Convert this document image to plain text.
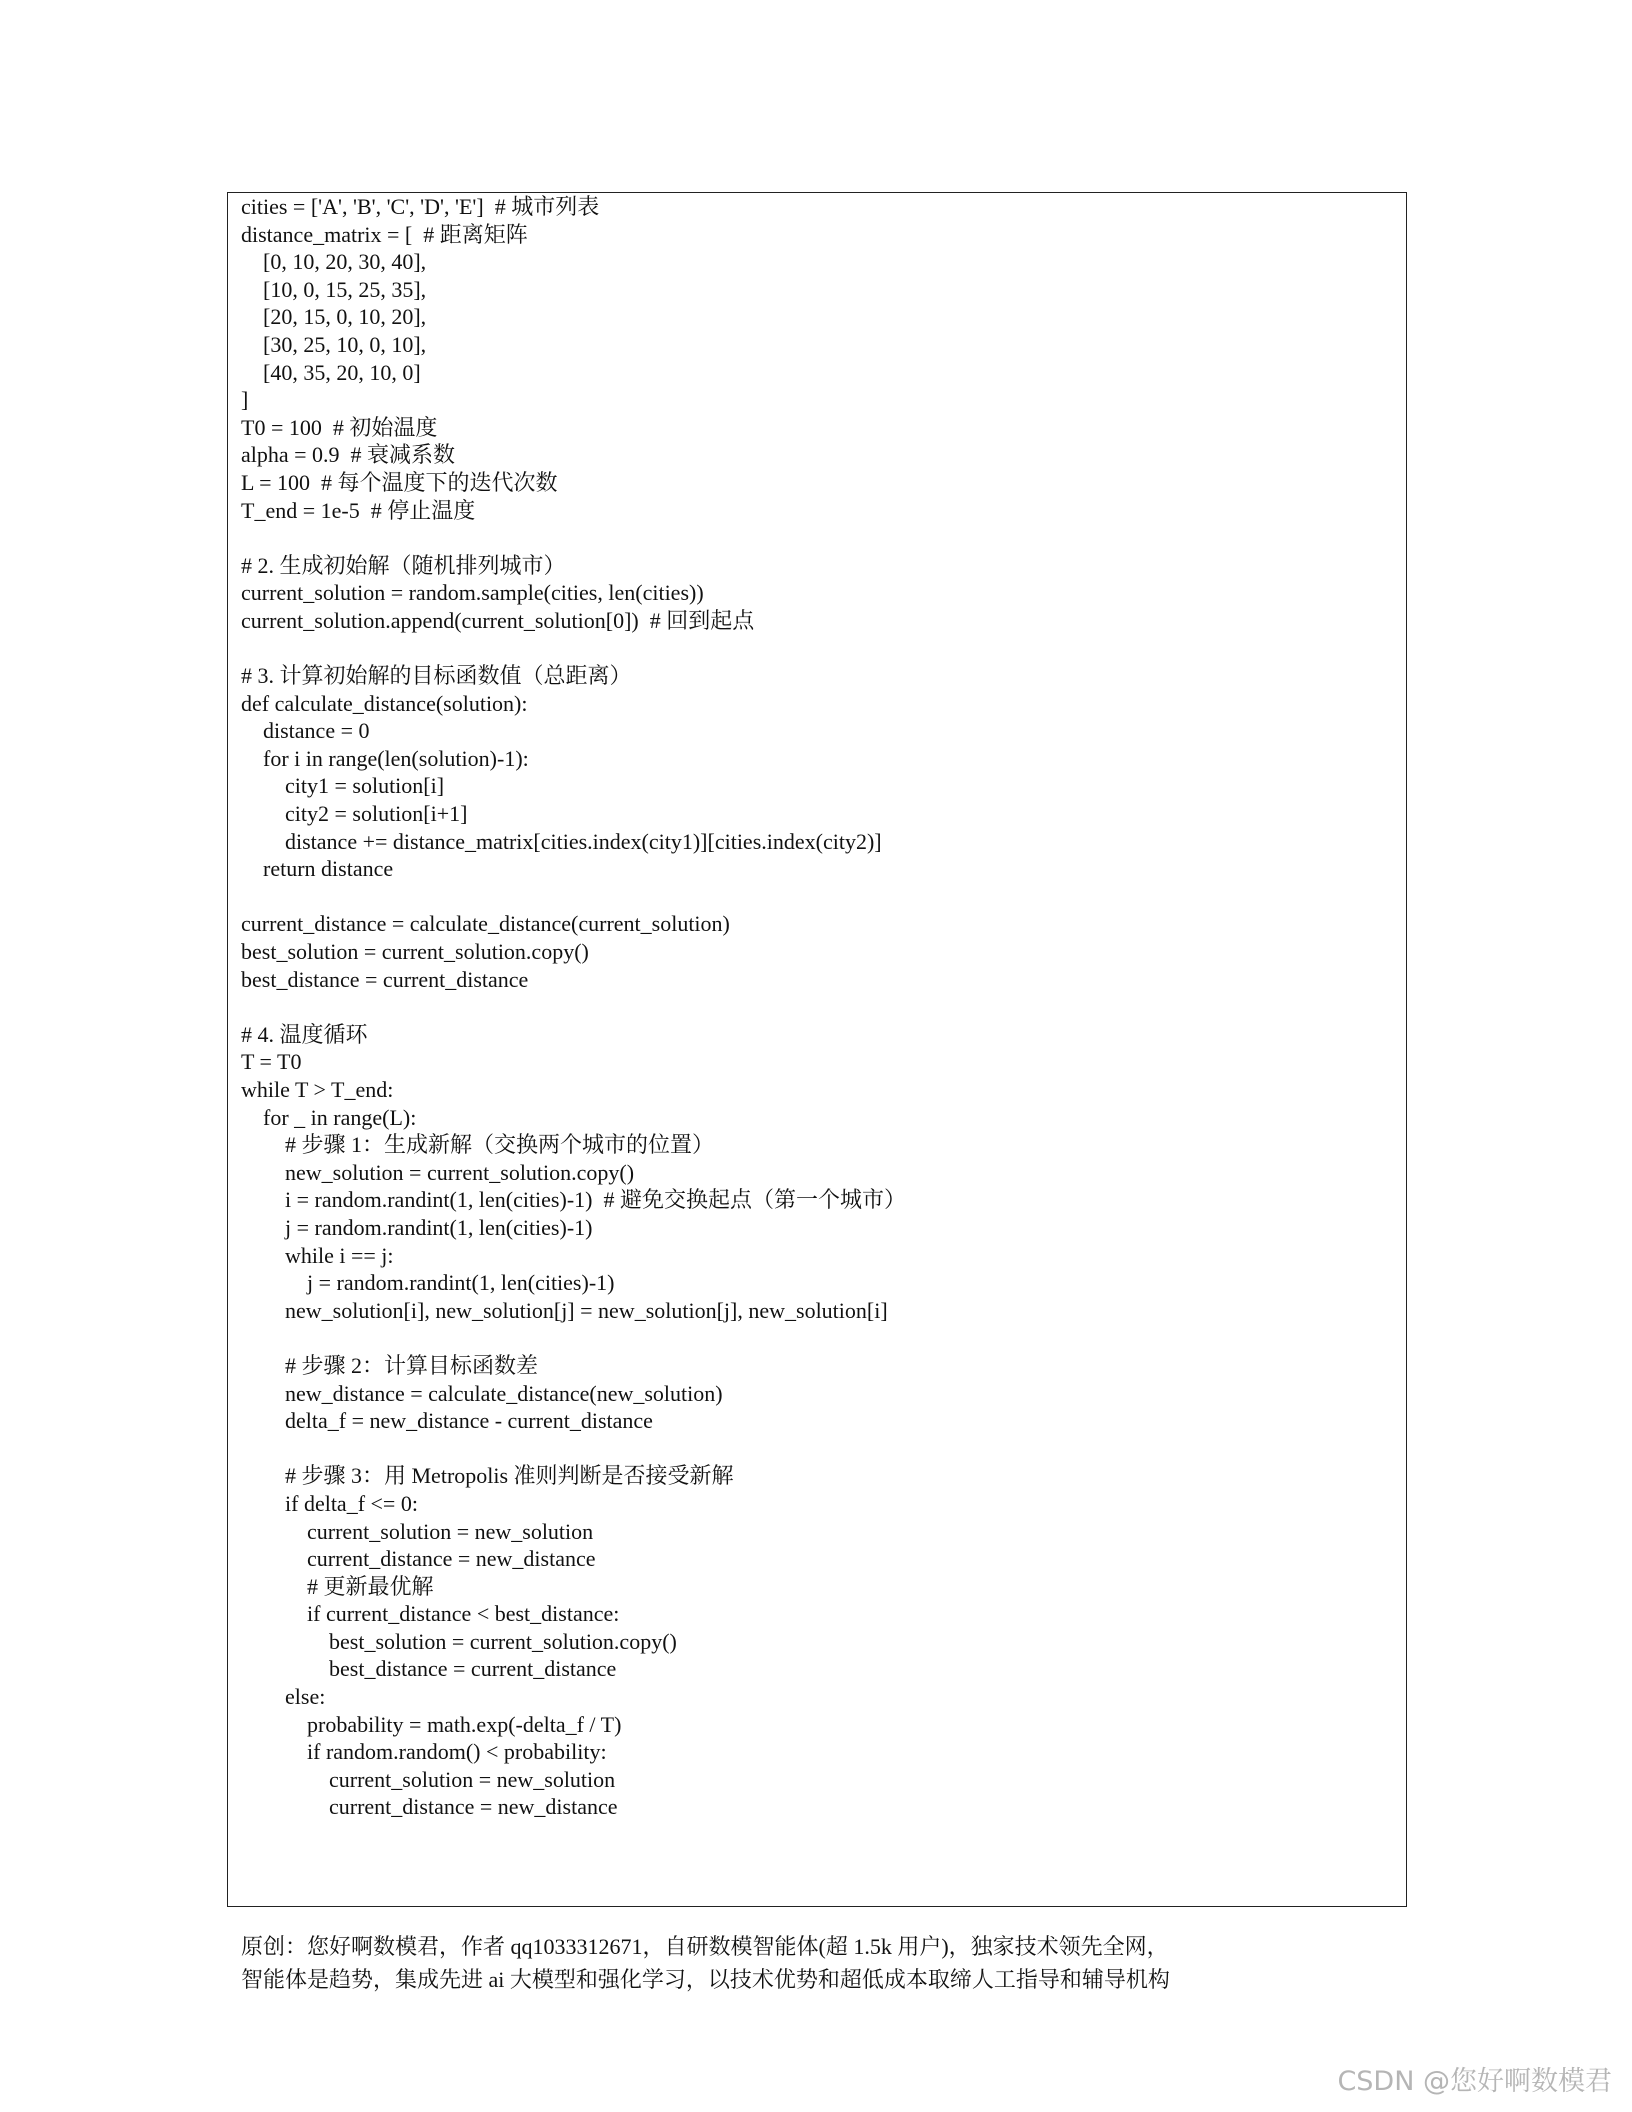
cities = ['A', 'B', 'C', 'D', 'E']  # 城市列表
distance_matrix = [  # 距离矩阵
[0, 10, 20, 30, 40],
[10, 0, 15, 25, 35],
[20, 15, 0, 10, 20],
[30, 25, 10, 0, 10],
[40, 35, 20, 10, 0]
]
T0 = 100  # 初始温度
alpha = 0.9  # 衰减系数
L = 100  # 每个温度下的迭代次数
T_end = 1e-5  # 停止温度
# 2. 生成初始解（随机排列城市）
current_solution = random.sample(cities, len(cities))
current_solution.append(current_solution[0])  # 回到起点
# 3. 计算初始解的目标函数值（总距离）
def calculate_distance(solution):
distance = 0
for i in range(len(solution)-1):
city1 = solution[i]
city2 = solution[i+1]
distance += distance_matrix[cities.index(city1)][cities.index(city2)]
return distance
current_distance = calculate_distance(current_solution)
best_solution = current_solution.copy()
best_distance = current_distance
# 4. 温度循环
T = T0
while T > T_end:
for _ in range(L):
# 步骤 1：生成新解（交换两个城市的位置）
new_solution = current_solution.copy()
i = random.randint(1, len(cities)-1)  # 避免交换起点（第一个城市）
j = random.randint(1, len(cities)-1)
while i == j:
j = random.randint(1, len(cities)-1)
new_solution[i], new_solution[j] = new_solution[j], new_solution[i]
# 步骤 2：计算目标函数差
new_distance = calculate_distance(new_solution)
delta_f = new_distance - current_distance
# 步骤 3：用 Metropolis 准则判断是否接受新解
if delta_f <= 0:
current_solution = new_solution
current_distance = new_distance
# 更新最优解
if current_distance < best_distance:
best_solution = current_solution.copy()
best_distance = current_distance
else:
probability = math.exp(-delta_f / T)
if random.random() < probability:
current_solution = new_solution
current_distance = new_distance

原创：您好啊数模君，作者 qq1033312671，自研数模智能体(超 1.5k 用户)，独家技术领先全网，

智能体是趋势，集成先进 ai 大模型和强化学习，以技术优势和超低成本取缔人工指导和辅导机构

CSDN @您好啊数模君
